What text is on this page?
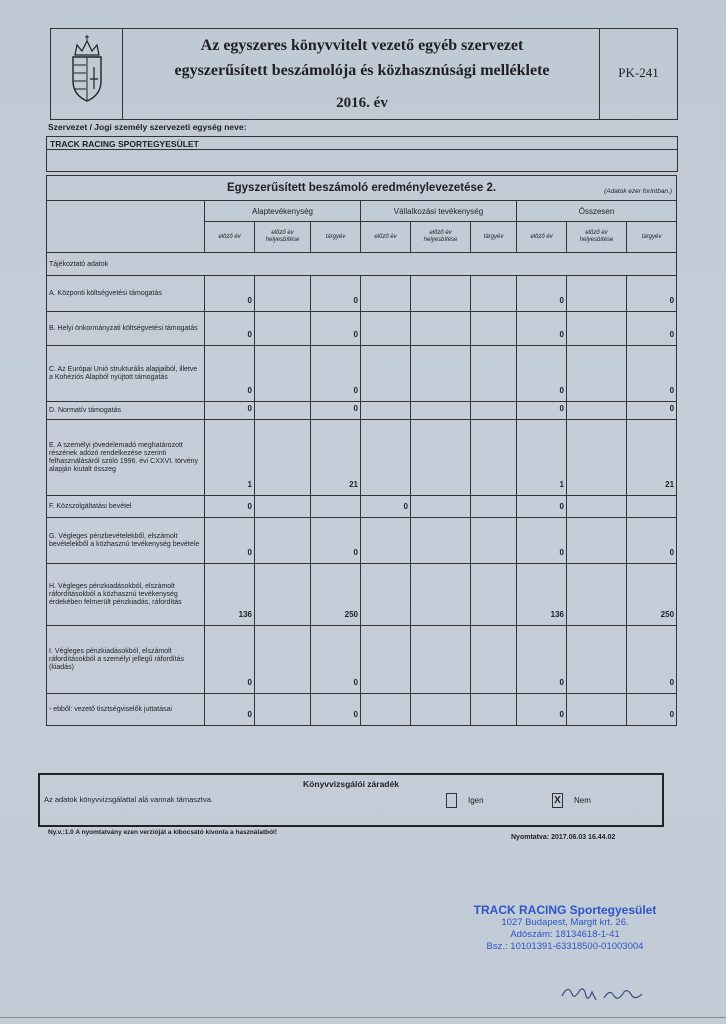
Az egyszeres könyvvitelt vezető egyéb szervezet
egyszerűsített beszámolója és közhasznúsági melléklete
2016. év
PK-241
Szervezet / Jogi személy szervezeti egység neve:
TRACK RACING SPORTEGYESÜLET
Egyszerűsített beszámoló eredménylevezetése 2. (Adatok ezer forintban.)									

	Alaptevékenység			Vállalkozási tevékenység			Összesen		
	előző év	előző év helyesbítése	tárgyév	előző év	előző év helyesbítése	tárgyév	előző év	előző év helyesbítése	tárgyév
Tájékoztató adatok									
A. Központi költségvetési támogatás	0		0				0		0
B. Helyi önkormányzati költségvetési támogatás	0		0				0		0
C. Az Európai Unió strukturális alapjaiból, illetve a Kohéziós Alapból nyújtott támogatás	0		0				0		0
D. Normatív támogatás	0		0				0		0
E. A személyi jövedelemadó meghatározott részének adózó rendelkezése szerinti felhasználásáról szóló 1996. évi CXXVI. törvény alapján kiutalt összeg	1		21				1		21
F. Közszolgáltatási bevétel	0			0			0		
G. Végleges pénzbevételekből, elszámolt bevételekből a közhasznú tevékenység bevétele	0		0				0		0
H. Végleges pénzkiadásokból, elszámolt ráfordításokból a közhasznú tevékenység érdekében felmerült pénzkiadás, ráfordítás	136		250				136		250
I. Végleges pénzkiadásokból, elszámolt ráfordításokból a személyi jellegű ráfordítás (kiadás)	0		0				0		0
- ebből: vezető tisztségviselők juttatásai	0		0				0		0
Könyvvizsgálói záradék
Az adatok könyvvizsgálattal alá vannak támasztva.	Igen	X Nem
Ny.v.:1.0 A nyomtatvány ezen verzióját a kibocsátó kivonta a használatból!
Nyomtatva: 2017.06.03 16.44.02
TRACK RACING Sportegyesület
1027 Budapest, Margit krt. 26.
Adószám: 18134618-1-41
Bsz.: 10101391-63318500-01003004
